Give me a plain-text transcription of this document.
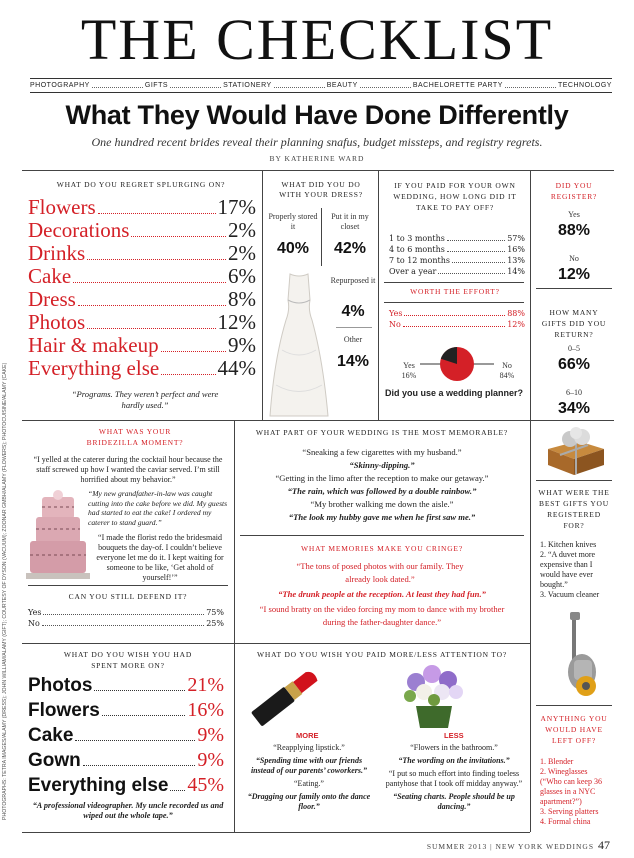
THE CHECKLIST
PHOTOGRAPHY	GIFTS	STATIONERY	BEAUTY	BACHELORETTE PARTY	TECHNOLOGY
What They Would Have Done Differently
One hundred recent brides reveal their planning snafus, budget missteps, and registry regrets.
BY KATHERINE WARD
PHOTOGRAPHS: TETRA IMAGES/ALAMY (DRESS); JOHN WILLIAM/ALAMY (GIFT); COURTESY OF DYSON (VACUUM); ZOONAR GMBH/ALAMY (FLOWERS); PHOTOCUISINE/ALAMY (CAKE)
WHAT DO YOU REGRET SPLURGING ON?
Flowers	17%
Decorations	2%
Drinks	2%
Cake	6%
Dress	8%
Photos	12%
Hair & makeup	9%
Everything else	44%
“Programs. They weren’t perfect and were hardly used.”
WHAT DID YOU DO
WITH YOUR DRESS?
Properly stored it
40%
Put it in my closet
42%
Repurposed it
4%
Other
14%
IF YOU PAID FOR YOUR OWN WEDDING, HOW LONG DID IT TAKE TO PAY OFF?
1 to 3 months	57%
4 to 6 months	16%
7 to 12 months	13%
Over a year	14%
WORTH THE EFFORT?
Yes	88%
No	12%
Yes
16%
No
84%
Did you use a wedding planner?
DID YOU REGISTER?
Yes
88%
No
12%
HOW MANY GIFTS DID YOU RETURN?
0–5
66%
6–10
34%
WHAT WERE THE BEST GIFTS YOU REGISTERED FOR?
1. Kitchen knives
2. “A duvet more expensive than I would have ever bought.”
3. Vacuum cleaner
ANYTHING YOU WOULD HAVE LEFT OFF?
1. Blender
2. Wineglasses (“Who can keep 36 glasses in a NYC apartment?”)
3. Serving platters
4. Formal china
WHAT WAS YOUR BRIDEZILLA MOMENT?
“I yelled at the caterer during the cocktail hour because the staff screwed up how I wanted the caviar served. I’m still horrified about my behavior.”
“My new grandfather-in-law was caught cutting into the cake before we did. My guests had started to eat the cake! I ordered my caterer to stand guard.”
“I made the florist redo the bridesmaid bouquets the day-of. I couldn’t believe everyone let me do it. I kept waiting for someone to be like, ‘Get ahold of yourself!’”
CAN YOU STILL DEFEND IT?
Yes	75%
No	25%
WHAT PART OF YOUR WEDDING IS THE MOST MEMORABLE?
“Sneaking a few cigarettes with my husband.”
“Skinny-dipping.”
“Getting in the limo after the reception to make our getaway.”
“The rain, which was followed by a double rainbow.”
“My brother walking me down the aisle.”
“The look my hubby gave me when he first saw me.”
WHAT MEMORIES MAKE YOU CRINGE?
“The tons of posed photos with our family. They already look dated.”
“The drunk people at the reception. At least they had fun.”
“I sound bratty on the video forcing my mom to dance with my brother during the father-daughter dance.”
WHAT DO YOU WISH YOU HAD SPENT MORE ON?
Photos	21%
Flowers	16%
Cake	9%
Gown	9%
Everything else 45%
“A professional videographer. My uncle recorded us and wiped out the whole tape.”
WHAT DO YOU WISH YOU PAID MORE/LESS ATTENTION TO?
MORE	LESS
“Reapplying lipstick.”
“Spending time with our friends instead of our parents’ coworkers.”
“Eating.”
“Dragging our family onto the dance floor.”
“Flowers in the bathroom.”
“The wording on the invitations.”
“I put so much effort into finding toeless pantyhose that I took off midday anyway.”
“Seating charts. People should be up dancing.”
SUMMER 2013 | NEW YORK WEDDINGS 47
